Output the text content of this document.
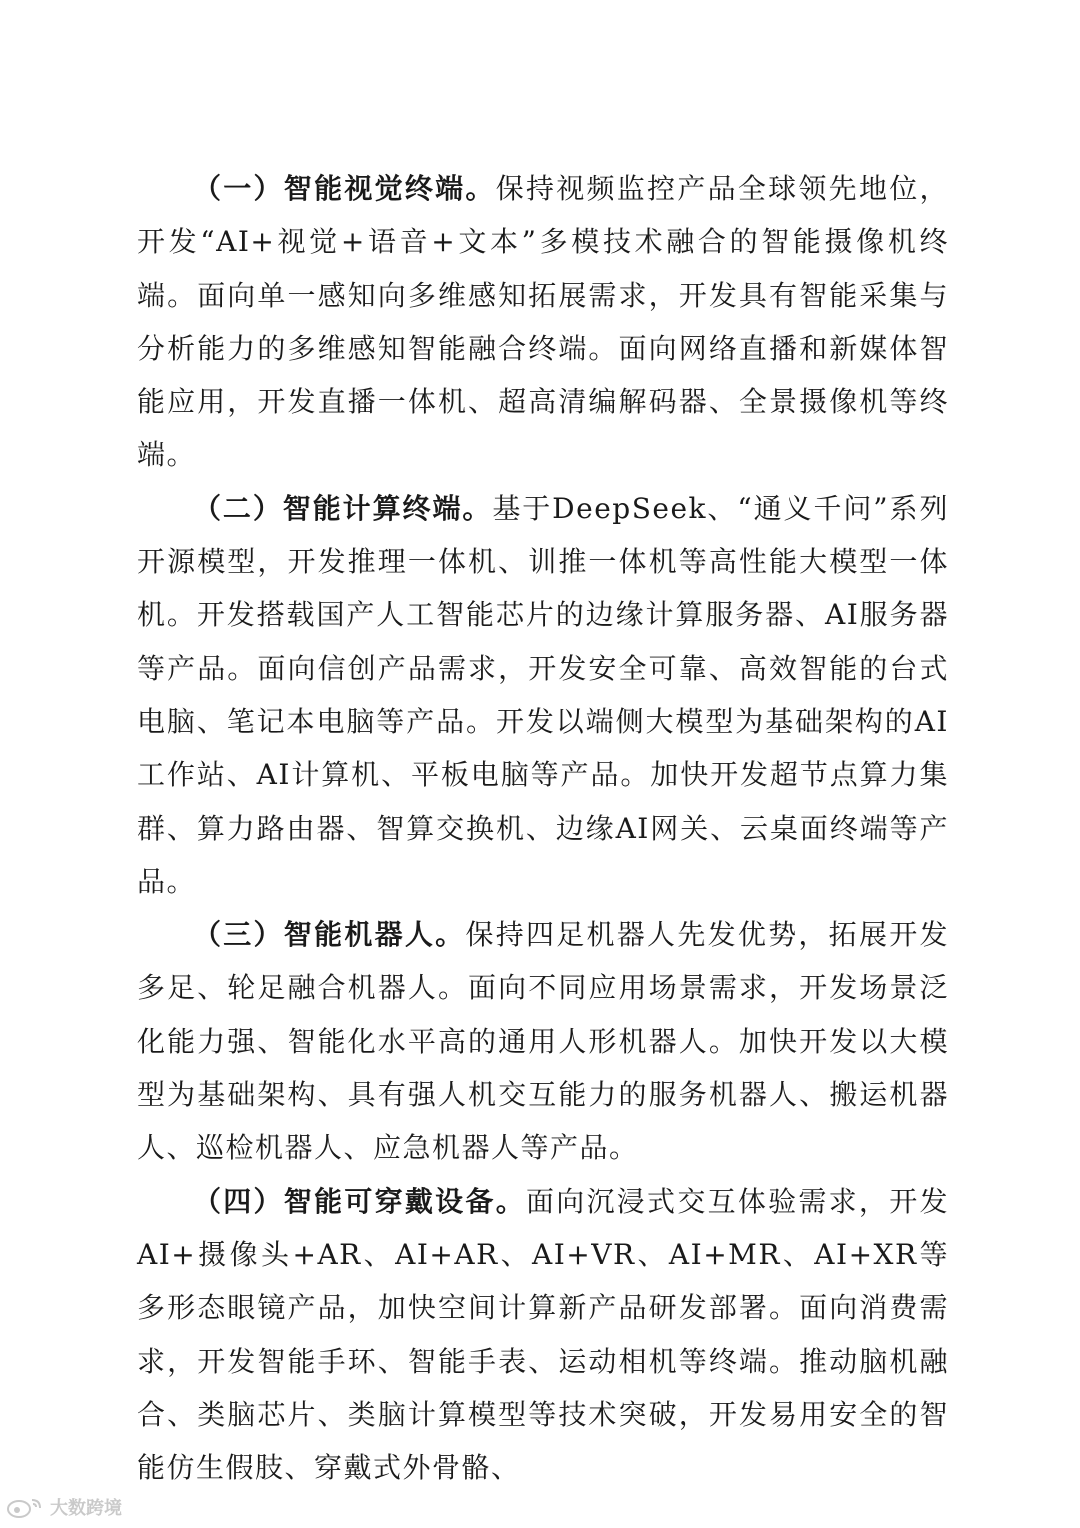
（一）智能视觉终端。保持视频监控产品全球领先地位，开发“AI+视觉+语音+文本”多模技术融合的智能摄像机终端。面向单一感知向多维感知拓展需求，开发具有智能采集与分析能力的多维感知智能融合终端。面向网络直播和新媒体智能应用，开发直播一体机、超高清编解码器、全景摄像机等终端。

（二）智能计算终端。基于DeepSeek、“通义千问”系列开源模型，开发推理一体机、训推一体机等高性能大模型一体机。开发搭载国产人工智能芯片的边缘计算服务器、AI服务器等产品。面向信创产品需求，开发安全可靠、高效智能的台式电脑、笔记本电脑等产品。开发以端侧大模型为基础架构的AI工作站、AI计算机、平板电脑等产品。加快开发超节点算力集群、算力路由器、智算交换机、边缘AI网关、云桌面终端等产品。

（三）智能机器人。保持四足机器人先发优势，拓展开发多足、轮足融合机器人。面向不同应用场景需求，开发场景泛化能力强、智能化水平高的通用人形机器人。加快开发以大模型为基础架构、具有强人机交互能力的服务机器人、搬运机器人、巡检机器人、应急机器人等产品。

（四）智能可穿戴设备。面向沉浸式交互体验需求，开发AI+摄像头+AR、AI+AR、AI+VR、AI+MR、AI+XR等多形态眼镜产品，加快空间计算新产品研发部署。面向消费需求，开发智能手环、智能手表、运动相机等终端。推动脑机融合、类脑芯片、类脑计算模型等技术突破，开发易用安全的智能仿生假肢、穿戴式外骨骼、

大数跨境
